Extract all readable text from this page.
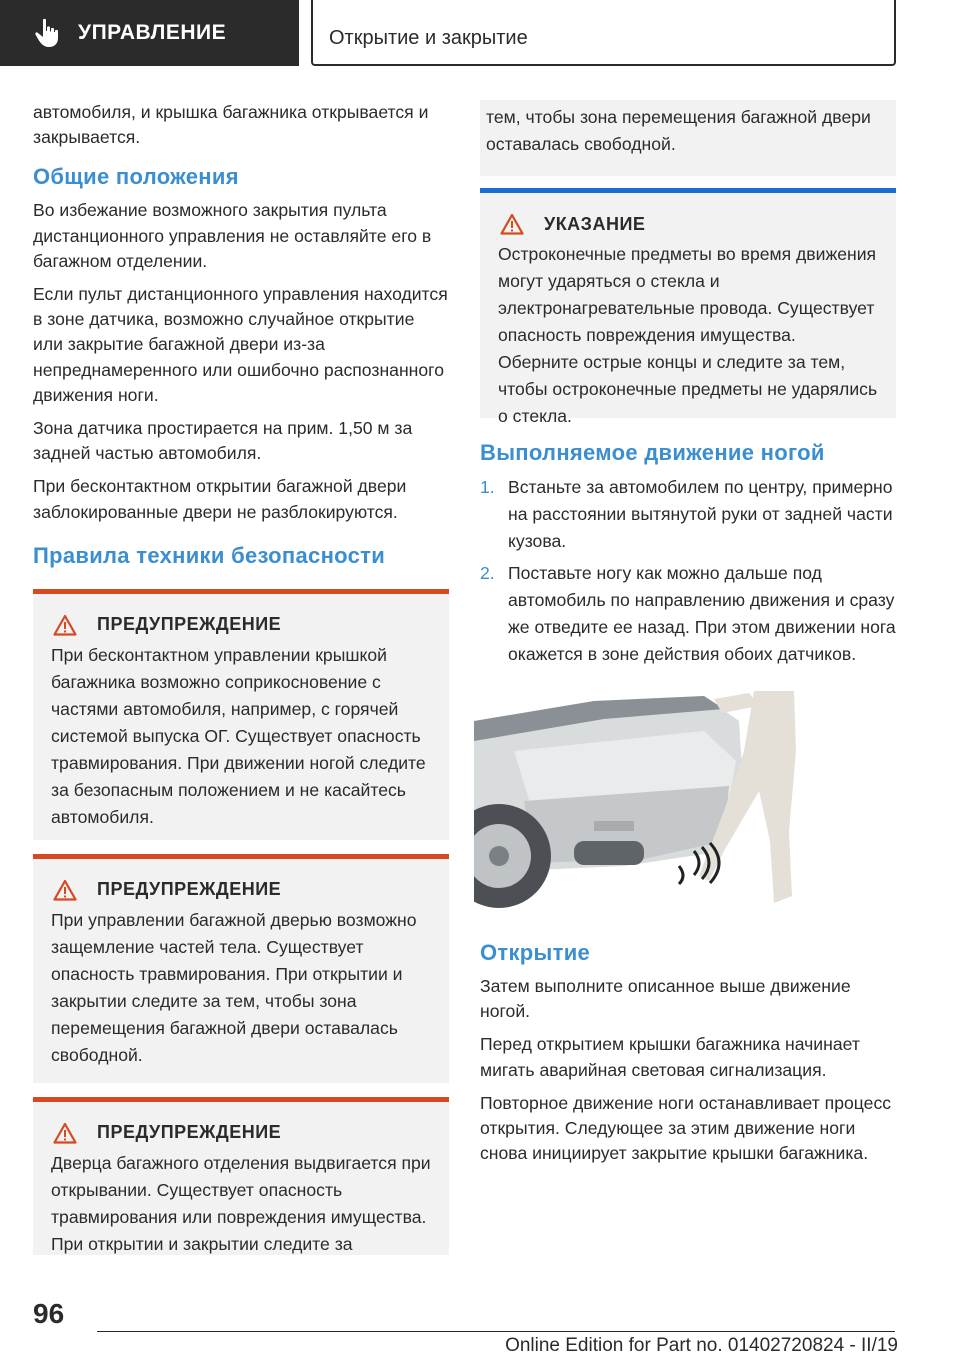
УПРАВЛЕНИЕ	Открытие и закрытие

автомобиля, и крышка багажника открывается и закрывается.

Общие положения

Во избежание возможного закрытия пульта дистанционного управления не оставляйте его в багажном отделении.

Если пульт дистанционного управления находится в зоне датчика, возможно случайное открытие или закрытие багажной двери из-за непреднамеренного или ошибочно распознанного движения ноги.

Зона датчика простирается на прим. 1,50 м за задней частью автомобиля.

При бесконтактном открытии багажной двери заблокированные двери не разблокируются.

Правила техники безопасности
ПРЕДУПРЕЖДЕНИЕ

При бесконтактном управлении крышкой багажника возможно соприкосновение с частями автомобиля, например, с горячей системой выпуска ОГ. Существует опасность травмирования. При движении ногой следите за безопасным положением и не касайтесь автомобиля.

ПРЕДУПРЕЖДЕНИЕ

При управлении багажной дверью возможно защемление частей тела. Существует опасность травмирования. При открытии и закрытии следите за тем, чтобы зона перемещения багажной двери оставалась свободной.

ПРЕДУПРЕЖДЕНИЕ

Дверца багажного отделения выдвигается при открывании. Существует опасность травмирования или повреждения имущества. При открытии и закрытии следите за

тем, чтобы зона перемещения багажной двери оставалась свободной.

УКАЗАНИЕ

Остроконечные предметы во время движения могут ударяться о стекла и электронагревательные провода. Существует опасность повреждения имущества. Оберните острые концы и следите за тем, чтобы остроконечные предметы не ударялись о стекла.

Выполняемое движение ногой
1. Встаньте за автомобилем по центру, примерно на расстоянии вытянутой руки от задней части кузова.
2. Поставьте ногу как можно дальше под автомобиль по направлению движения и сразу же отведите ее назад. При этом движении нога окажется в зоне действия обоих датчиков.
Открытие

Затем выполните описанное выше движение ногой.

Перед открытием крышки багажника начинает мигать аварийная световая сигнализация.

Повторное движение ноги останавливает процесс открытия. Следующее за этим движение ноги снова инициирует закрытие крышки багажника.

96
Online Edition for Part no. 01402720824 - II/19
